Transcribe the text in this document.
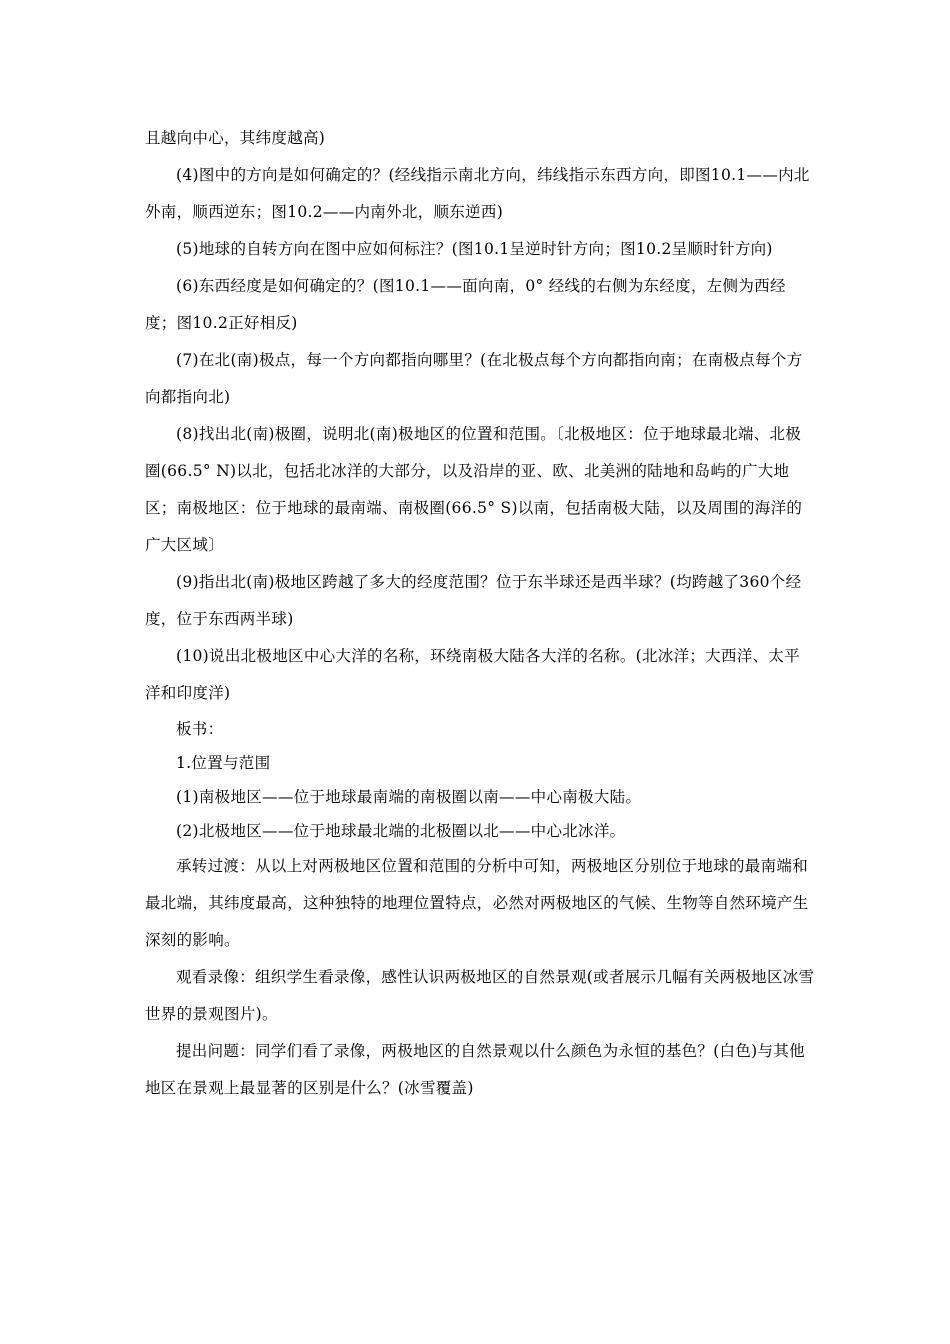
且越向中心，其纬度越高)

(4)图中的方向是如何确定的？(经线指示南北方向，纬线指示东西方向，即图10.1——内北外南，顺西逆东；图10.2——内南外北，顺东逆西)

(5)地球的自转方向在图中应如何标注？(图10.1呈逆时针方向；图10.2呈顺时针方向)

(6)东西经度是如何确定的？(图10.1——面向南，0° 经线的右侧为东经度，左侧为西经度；图10.2正好相反)

(7)在北(南)极点，每一个方向都指向哪里？(在北极点每个方向都指向南；在南极点每个方向都指向北)

(8)找出北(南)极圈，说明北(南)极地区的位置和范围。〔北极地区：位于地球最北端、北极圈(66.5° N)以北，包括北冰洋的大部分，以及沿岸的亚、欧、北美洲的陆地和岛屿的广大地区；南极地区：位于地球的最南端、南极圈(66.5° S)以南，包括南极大陆，以及周围的海洋的广大区域〕

(9)指出北(南)极地区跨越了多大的经度范围？位于东半球还是西半球？(均跨越了360个经度，位于东西两半球)

(10)说出北极地区中心大洋的名称，环绕南极大陆各大洋的名称。(北冰洋；大西洋、太平洋和印度洋)

板书：

1.位置与范围

(1)南极地区——位于地球最南端的南极圈以南——中心南极大陆。

(2)北极地区——位于地球最北端的北极圈以北——中心北冰洋。

承转过渡：从以上对两极地区位置和范围的分析中可知，两极地区分别位于地球的最南端和最北端，其纬度最高，这种独特的地理位置特点，必然对两极地区的气候、生物等自然环境产生深刻的影响。

观看录像：组织学生看录像，感性认识两极地区的自然景观(或者展示几幅有关两极地区冰雪世界的景观图片)。

提出问题：同学们看了录像，两极地区的自然景观以什么颜色为永恒的基色？(白色)与其他地区在景观上最显著的区别是什么？(冰雪覆盖)
